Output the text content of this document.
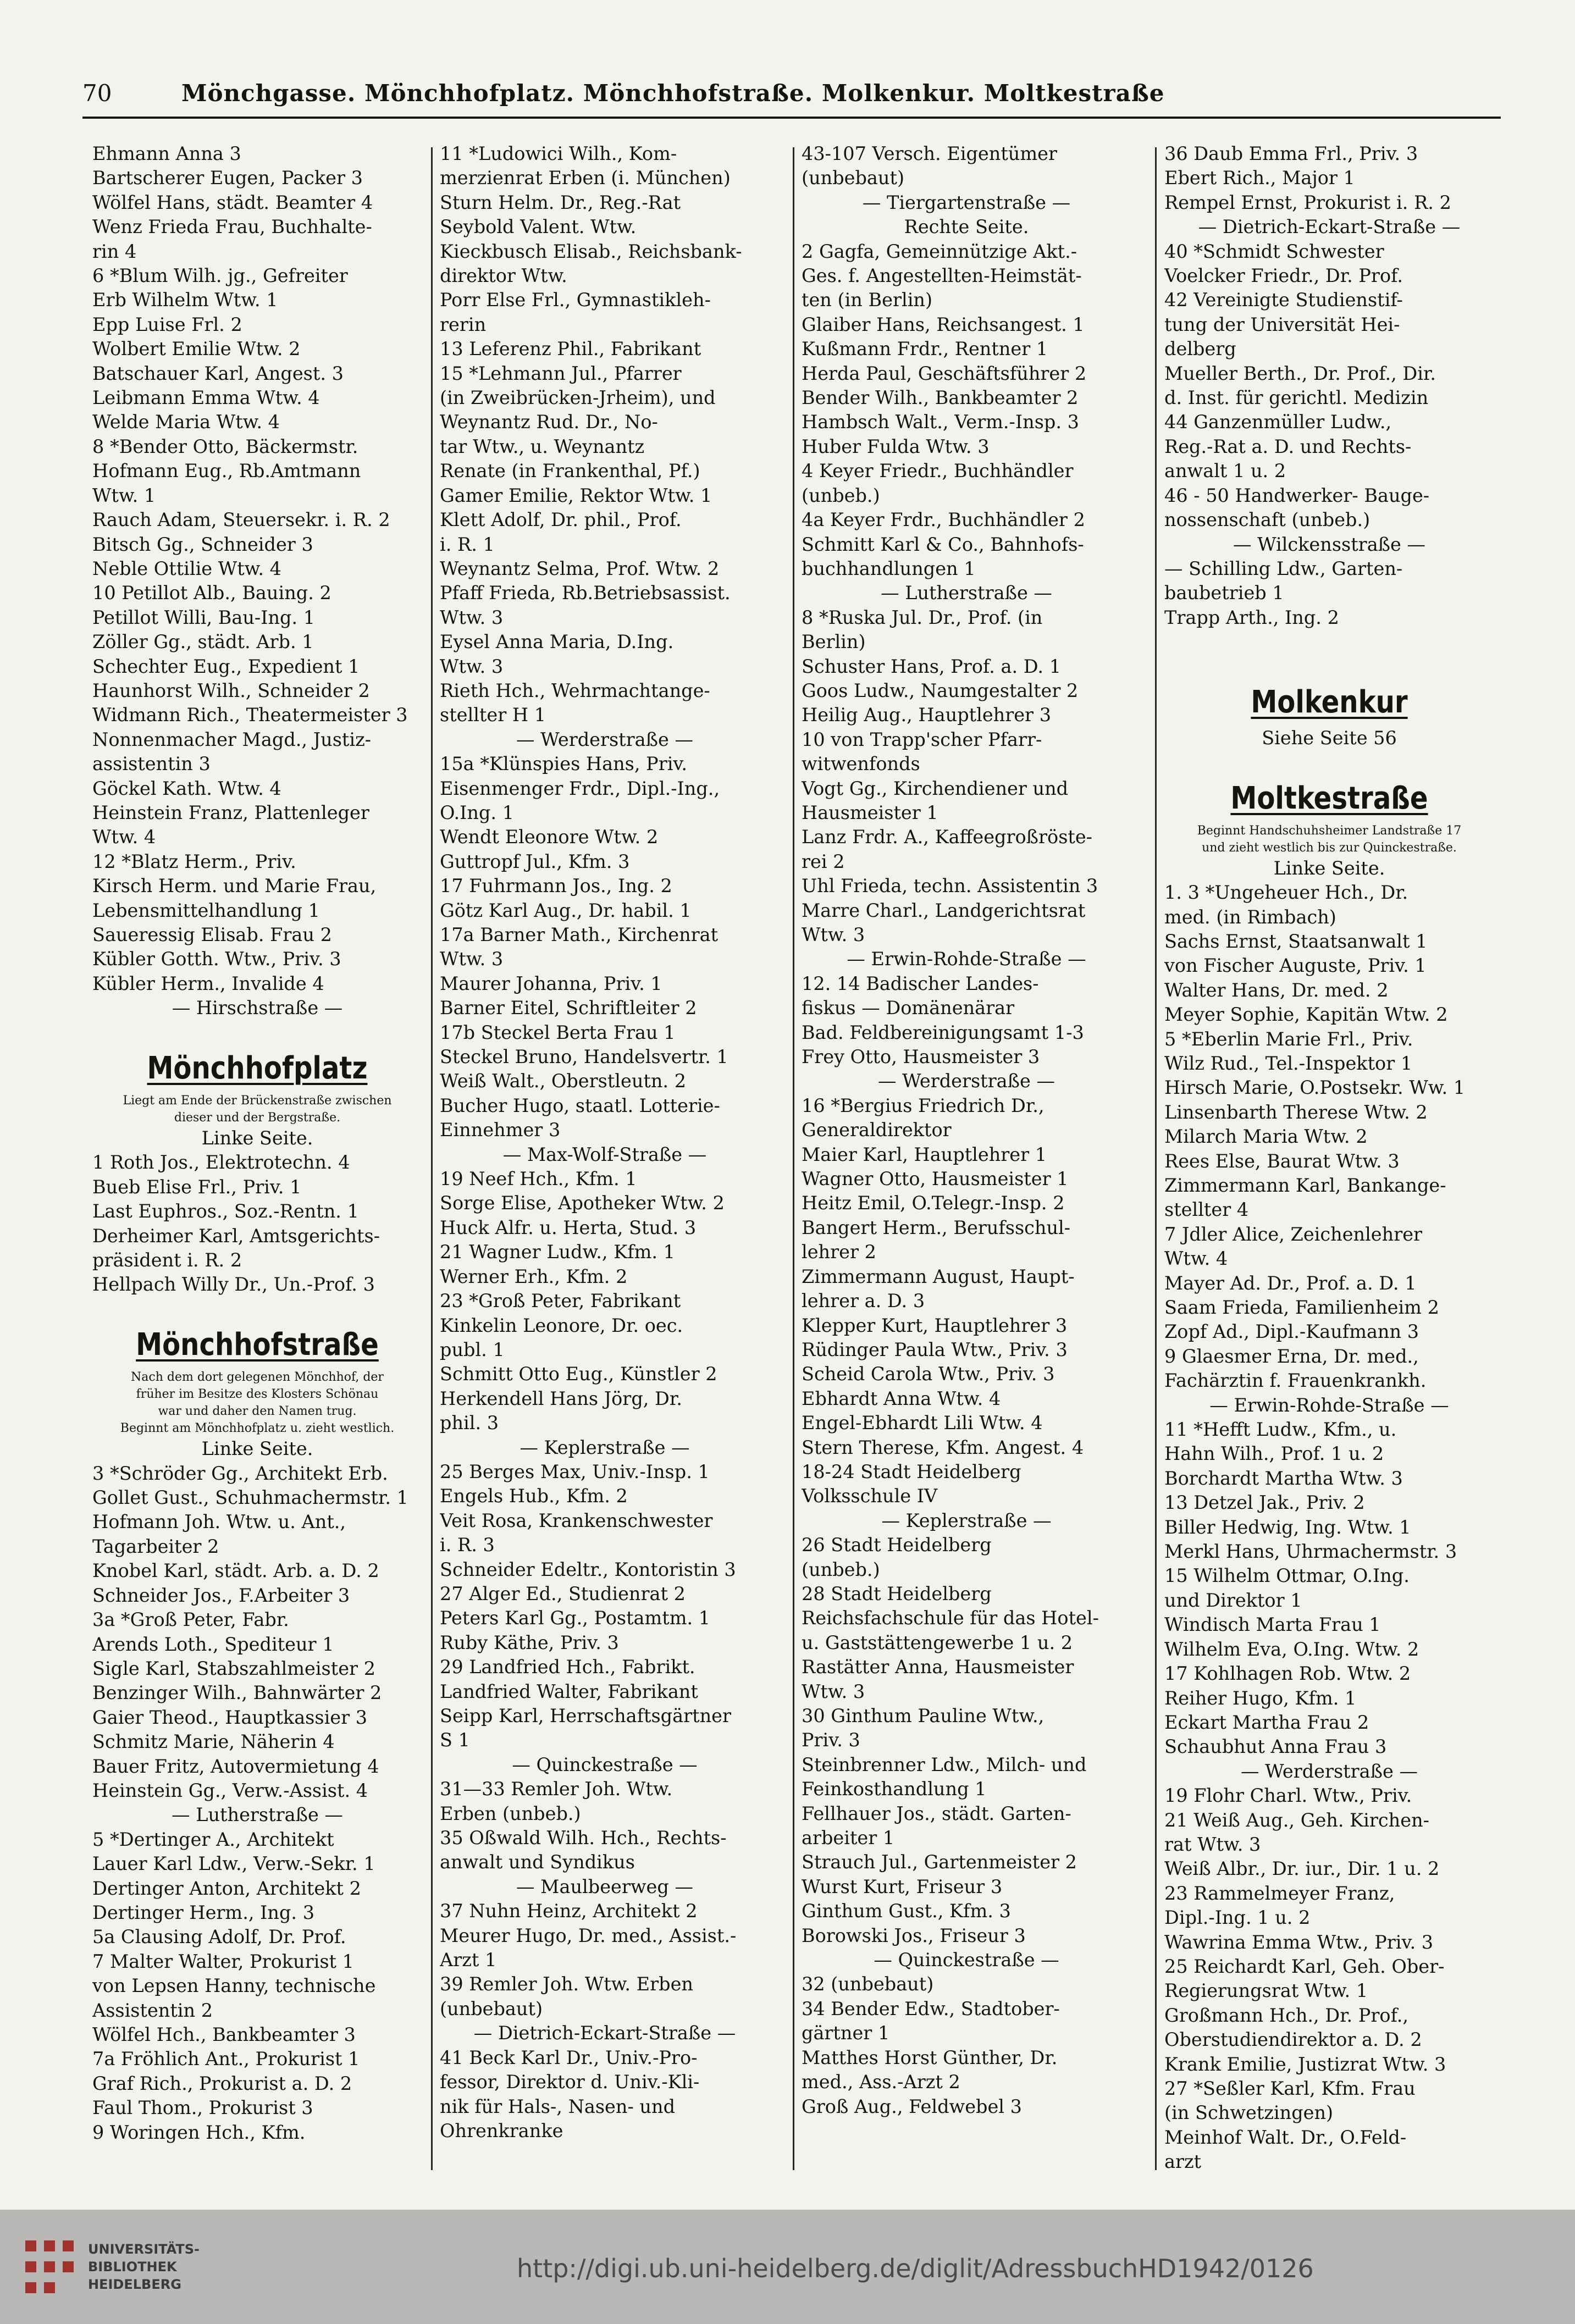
70	Mönchgasse. Mönchhofplatz. Mönchhofstraße. Molkenkur. Moltkestraße
Ehmann Anna 3
Bartscherer Eugen, Packer 3
Wölfel Hans, städt. Beamter 4
Wenz Frieda Frau, Buchhalte-
rin 4
6 *Blum Wilh. jg., Gefreiter
Erb Wilhelm Wtw. 1
Epp Luise Frl. 2
Wolbert Emilie Wtw. 2
Batschauer Karl, Angest. 3
Leibmann Emma Wtw. 4
Welde Maria Wtw. 4
8 *Bender Otto, Bäckermstr.
Hofmann Eug., Rb.Amtmann
Wtw. 1
Rauch Adam, Steuersekr. i. R. 2
Bitsch Gg., Schneider 3
Neble Ottilie Wtw. 4
10 Petillot Alb., Bauing. 2
Petillot Willi, Bau-Ing. 1
Zöller Gg., städt. Arb. 1
Schechter Eug., Expedient 1
Haunhorst Wilh., Schneider 2
Widmann Rich., Theatermeister 3
Nonnenmacher Magd., Justiz-
assistentin 3
Göckel Kath. Wtw. 4
Heinstein Franz, Plattenleger
Wtw. 4
12 *Blatz Herm., Priv.
Kirsch Herm. und Marie Frau,
Lebensmittelhandlung 1
Saueressig Elisab. Frau 2
Kübler Gotth. Wtw., Priv. 3
Kübler Herm., Invalide 4
— Hirschstraße —
Mönchhofplatz
Liegt am Ende der Brückenstraße zwischen
dieser und der Bergstraße.
Linke Seite.
1 Roth Jos., Elektrotechn. 4
Bueb Elise Frl., Priv. 1
Last Euphros., Soz.-Rentn. 1
Derheimer Karl, Amtsgerichts-
präsident i. R. 2
Hellpach Willy Dr., Un.-Prof. 3
Mönchhofstraße
Nach dem dort gelegenen Mönchhof, der
früher im Besitze des Klosters Schönau
war und daher den Namen trug.
Beginnt am Mönchhofplatz u. zieht westlich.
Linke Seite.
3 *Schröder Gg., Architekt Erb.
Gollet Gust., Schuhmachermstr. 1
Hofmann Joh. Wtw. u. Ant.,
Tagarbeiter 2
Knobel Karl, städt. Arb. a. D. 2
Schneider Jos., F.Arbeiter 3
3a *Groß Peter, Fabr.
Arends Loth., Spediteur 1
Sigle Karl, Stabszahlmeister 2
Benzinger Wilh., Bahnwärter 2
Gaier Theod., Hauptkassier 3
Schmitz Marie, Näherin 4
Bauer Fritz, Autovermietung 4
Heinstein Gg., Verw.-Assist. 4
— Lutherstraße —
5 *Dertinger A., Architekt
Lauer Karl Ldw., Verw.-Sekr. 1
Dertinger Anton, Architekt 2
Dertinger Herm., Ing. 3
5a Clausing Adolf, Dr. Prof.
7 Malter Walter, Prokurist 1
von Lepsen Hanny, technische
Assistentin 2
Wölfel Hch., Bankbeamter 3
7a Fröhlich Ant., Prokurist 1
Graf Rich., Prokurist a. D. 2
Faul Thom., Prokurist 3
9 Woringen Hch., Kfm.
11 *Ludowici Wilh., Kom-
merzienrat Erben (i. München)
Sturn Helm. Dr., Reg.-Rat
Seybold Valent. Wtw.
Kieckbusch Elisab., Reichsbank-
direktor Wtw.
Porr Else Frl., Gymnastikleh-
rerin
13 Leferenz Phil., Fabrikant
15 *Lehmann Jul., Pfarrer
(in Zweibrücken-Jrheim), und
Weynantz Rud. Dr., No-
tar Wtw., u. Weynantz
Renate (in Frankenthal, Pf.)
Gamer Emilie, Rektor Wtw. 1
Klett Adolf, Dr. phil., Prof.
i. R. 1
Weynantz Selma, Prof. Wtw. 2
Pfaff Frieda, Rb.Betriebsassist.
Wtw. 3
Eysel Anna Maria, D.Ing.
Wtw. 3
Rieth Hch., Wehrmachtange-
stellter H 1
— Werderstraße —
15a *Klünspies Hans, Priv.
Eisenmenger Frdr., Dipl.-Ing.,
O.Ing. 1
Wendt Eleonore Wtw. 2
Guttropf Jul., Kfm. 3
17 Fuhrmann Jos., Ing. 2
Götz Karl Aug., Dr. habil. 1
17a Barner Math., Kirchenrat
Wtw. 3
Maurer Johanna, Priv. 1
Barner Eitel, Schriftleiter 2
17b Steckel Berta Frau 1
Steckel Bruno, Handelsvertr. 1
Weiß Walt., Oberstleutn. 2
Bucher Hugo, staatl. Lotterie-
Einnehmer 3
— Max-Wolf-Straße —
19 Neef Hch., Kfm. 1
Sorge Elise, Apotheker Wtw. 2
Huck Alfr. u. Herta, Stud. 3
21 Wagner Ludw., Kfm. 1
Werner Erh., Kfm. 2
23 *Groß Peter, Fabrikant
Kinkelin Leonore, Dr. oec.
publ. 1
Schmitt Otto Eug., Künstler 2
Herkendell Hans Jörg, Dr.
phil. 3
— Keplerstraße —
25 Berges Max, Univ.-Insp. 1
Engels Hub., Kfm. 2
Veit Rosa, Krankenschwester
i. R. 3
Schneider Edeltr., Kontoristin 3
27 Alger Ed., Studienrat 2
Peters Karl Gg., Postamtm. 1
Ruby Käthe, Priv. 3
29 Landfried Hch., Fabrikt.
Landfried Walter, Fabrikant
Seipp Karl, Herrschaftsgärtner
S 1
— Quinckestraße —
31—33 Remler Joh. Wtw.
Erben (unbeb.)
35 Oßwald Wilh. Hch., Rechts-
anwalt und Syndikus
— Maulbeerweg —
37 Nuhn Heinz, Architekt 2
Meurer Hugo, Dr. med., Assist.-
Arzt 1
39 Remler Joh. Wtw. Erben
(unbebaut)
— Dietrich-Eckart-Straße —
41 Beck Karl Dr., Univ.-Pro-
fessor, Direktor d. Univ.-Kli-
nik für Hals-, Nasen- und
Ohrenkranke
43-107 Versch. Eigentümer
(unbebaut)
— Tiergartenstraße —
Rechte Seite.
2 Gagfa, Gemeinnützige Akt.-
Ges. f. Angestellten-Heimstät-
ten (in Berlin)
Glaiber Hans, Reichsangest. 1
Kußmann Frdr., Rentner 1
Herda Paul, Geschäftsführer 2
Bender Wilh., Bankbeamter 2
Hambsch Walt., Verm.-Insp. 3
Huber Fulda Wtw. 3
4 Keyer Friedr., Buchhändler
(unbeb.)
4a Keyer Frdr., Buchhändler 2
Schmitt Karl & Co., Bahnhofs-
buchhandlungen 1
— Lutherstraße —
8 *Ruska Jul. Dr., Prof. (in
Berlin)
Schuster Hans, Prof. a. D. 1
Goos Ludw., Naumgestalter 2
Heilig Aug., Hauptlehrer 3
10 von Trapp'scher Pfarr-
witwenfonds
Vogt Gg., Kirchendiener und
Hausmeister 1
Lanz Frdr. A., Kaffeegroßröste-
rei 2
Uhl Frieda, techn. Assistentin 3
Marre Charl., Landgerichtsrat
Wtw. 3
— Erwin-Rohde-Straße —
12. 14 Badischer Landes-
fiskus — Domänenärar
Bad. Feldbereinigungsamt 1-3
Frey Otto, Hausmeister 3
— Werderstraße —
16 *Bergius Friedrich Dr.,
Generaldirektor
Maier Karl, Hauptlehrer 1
Wagner Otto, Hausmeister 1
Heitz Emil, O.Telegr.-Insp. 2
Bangert Herm., Berufsschul-
lehrer 2
Zimmermann August, Haupt-
lehrer a. D. 3
Klepper Kurt, Hauptlehrer 3
Rüdinger Paula Wtw., Priv. 3
Scheid Carola Wtw., Priv. 3
Ebhardt Anna Wtw. 4
Engel-Ebhardt Lili Wtw. 4
Stern Therese, Kfm. Angest. 4
18-24 Stadt Heidelberg
Volksschule IV
— Keplerstraße —
26 Stadt Heidelberg
(unbeb.)
28 Stadt Heidelberg
Reichsfachschule für das Hotel-
u. Gaststättengewerbe 1 u. 2
Rastätter Anna, Hausmeister
Wtw. 3
30 Ginthum Pauline Wtw.,
Priv. 3
Steinbrenner Ldw., Milch- und
Feinkosthandlung 1
Fellhauer Jos., städt. Garten-
arbeiter 1
Strauch Jul., Gartenmeister 2
Wurst Kurt, Friseur 3
Ginthum Gust., Kfm. 3
Borowski Jos., Friseur 3
— Quinckestraße —
32 (unbebaut)
34 Bender Edw., Stadtober-
gärtner 1
Matthes Horst Günther, Dr.
med., Ass.-Arzt 2
Groß Aug., Feldwebel 3
36 Daub Emma Frl., Priv. 3
Ebert Rich., Major 1
Rempel Ernst, Prokurist i. R. 2
— Dietrich-Eckart-Straße —
40 *Schmidt Schwester
Voelcker Friedr., Dr. Prof.
42 Vereinigte Studienstif-
tung der Universität Hei-
delberg
Mueller Berth., Dr. Prof., Dir.
d. Inst. für gerichtl. Medizin
44 Ganzenmüller Ludw.,
Reg.-Rat a. D. und Rechts-
anwalt 1 u. 2
46 - 50 Handwerker- Bauge-
nossenschaft (unbeb.)
— Wilckensstraße —
— Schilling Ldw., Garten-
baubetrieb 1
Trapp Arth., Ing. 2
Molkenkur
Siehe Seite 56
Moltkestraße
Beginnt Handschuhsheimer Landstraße 17
und zieht westlich bis zur Quinckestraße.
Linke Seite.
1. 3 *Ungeheuer Hch., Dr.
med. (in Rimbach)
Sachs Ernst, Staatsanwalt 1
von Fischer Auguste, Priv. 1
Walter Hans, Dr. med. 2
Meyer Sophie, Kapitän Wtw. 2
5 *Eberlin Marie Frl., Priv.
Wilz Rud., Tel.-Inspektor 1
Hirsch Marie, O.Postsekr. Ww. 1
Linsenbarth Therese Wtw. 2
Milarch Maria Wtw. 2
Rees Else, Baurat Wtw. 3
Zimmermann Karl, Bankange-
stellter 4
7 Jdler Alice, Zeichenlehrer
Wtw. 4
Mayer Ad. Dr., Prof. a. D. 1
Saam Frieda, Familienheim 2
Zopf Ad., Dipl.-Kaufmann 3
9 Glaesmer Erna, Dr. med.,
Fachärztin f. Frauenkrankh.
— Erwin-Rohde-Straße —
11 *Hefft Ludw., Kfm., u.
Hahn Wilh., Prof. 1 u. 2
Borchardt Martha Wtw. 3
13 Detzel Jak., Priv. 2
Biller Hedwig, Ing. Wtw. 1
Merkl Hans, Uhrmachermstr. 3
15 Wilhelm Ottmar, O.Ing.
und Direktor 1
Windisch Marta Frau 1
Wilhelm Eva, O.Ing. Wtw. 2
17 Kohlhagen Rob. Wtw. 2
Reiher Hugo, Kfm. 1
Eckart Martha Frau 2
Schaubhut Anna Frau 3
— Werderstraße —
19 Flohr Charl. Wtw., Priv.
21 Weiß Aug., Geh. Kirchen-
rat Wtw. 3
Weiß Albr., Dr. iur., Dir. 1 u. 2
23 Rammelmeyer Franz,
Dipl.-Ing. 1 u. 2
Wawrina Emma Wtw., Priv. 3
25 Reichardt Karl, Geh. Ober-
Regierungsrat Wtw. 1
Großmann Hch., Dr. Prof.,
Oberstudiendirektor a. D. 2
Krank Emilie, Justizrat Wtw. 3
27 *Seßler Karl, Kfm. Frau
(in Schwetzingen)
Meinhof Walt. Dr., O.Feld-
arzt
UNIVERSITÄTS-
BIBLIOTHEK
HEIDELBERG
http://digi.ub.uni-heidelberg.de/diglit/AdressbuchHD1942/0126
